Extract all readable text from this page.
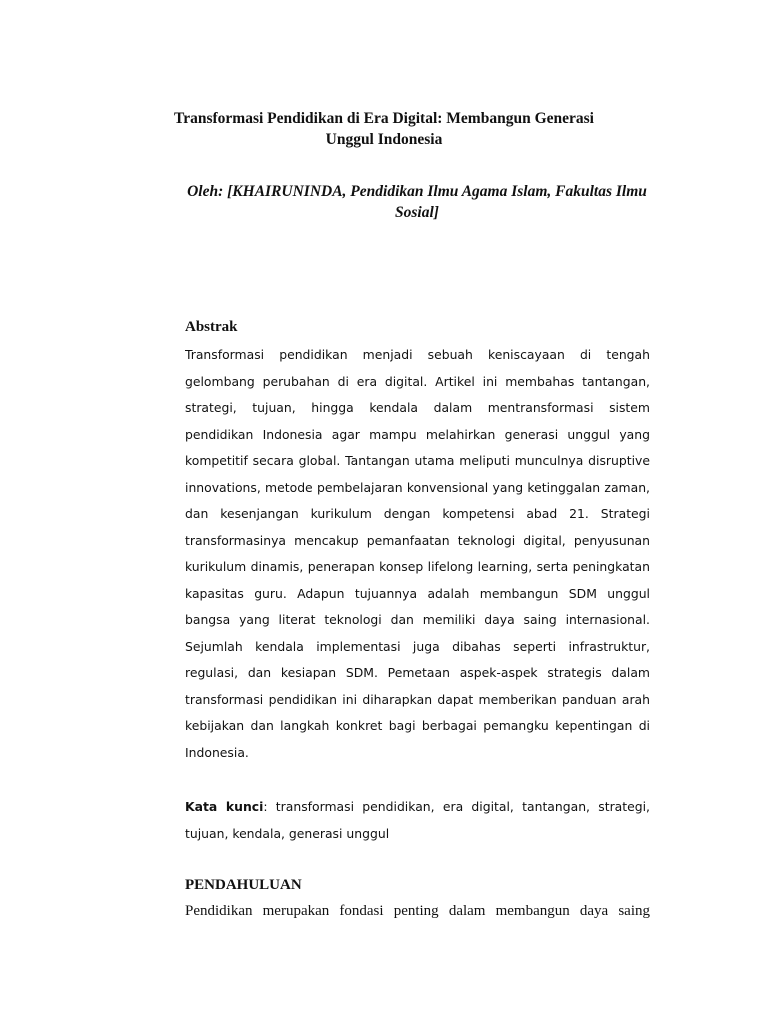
Transformasi Pendidikan di Era Digital: Membangun Generasi
Unggul Indonesia
Oleh: [KHAIRUNINDA, Pendidikan Ilmu Agama Islam, Fakultas Ilmu
Sosial]
Abstrak
Transformasi pendidikan menjadi sebuah keniscayaan di tengah
gelombang perubahan di era digital. Artikel ini membahas tantangan,
strategi, tujuan, hingga kendala dalam mentransformasi sistem
pendidikan Indonesia agar mampu melahirkan generasi unggul yang
kompetitif secara global. Tantangan utama meliputi munculnya disruptive
innovations, metode pembelajaran konvensional yang ketinggalan zaman,
dan kesenjangan kurikulum dengan kompetensi abad 21. Strategi
transformasinya mencakup pemanfaatan teknologi digital, penyusunan
kurikulum dinamis, penerapan konsep lifelong learning, serta peningkatan
kapasitas guru. Adapun tujuannya adalah membangun SDM unggul
bangsa yang literat teknologi dan memiliki daya saing internasional.
Sejumlah kendala implementasi juga dibahas seperti infrastruktur,
regulasi, dan kesiapan SDM. Pemetaan aspek-aspek strategis dalam
transformasi pendidikan ini diharapkan dapat memberikan panduan arah
kebijakan dan langkah konkret bagi berbagai pemangku kepentingan di
Indonesia.
Kata kunci: transformasi pendidikan, era digital, tantangan, strategi,
tujuan, kendala, generasi unggul
PENDAHULUAN
Pendidikan merupakan fondasi penting dalam membangun daya saing
